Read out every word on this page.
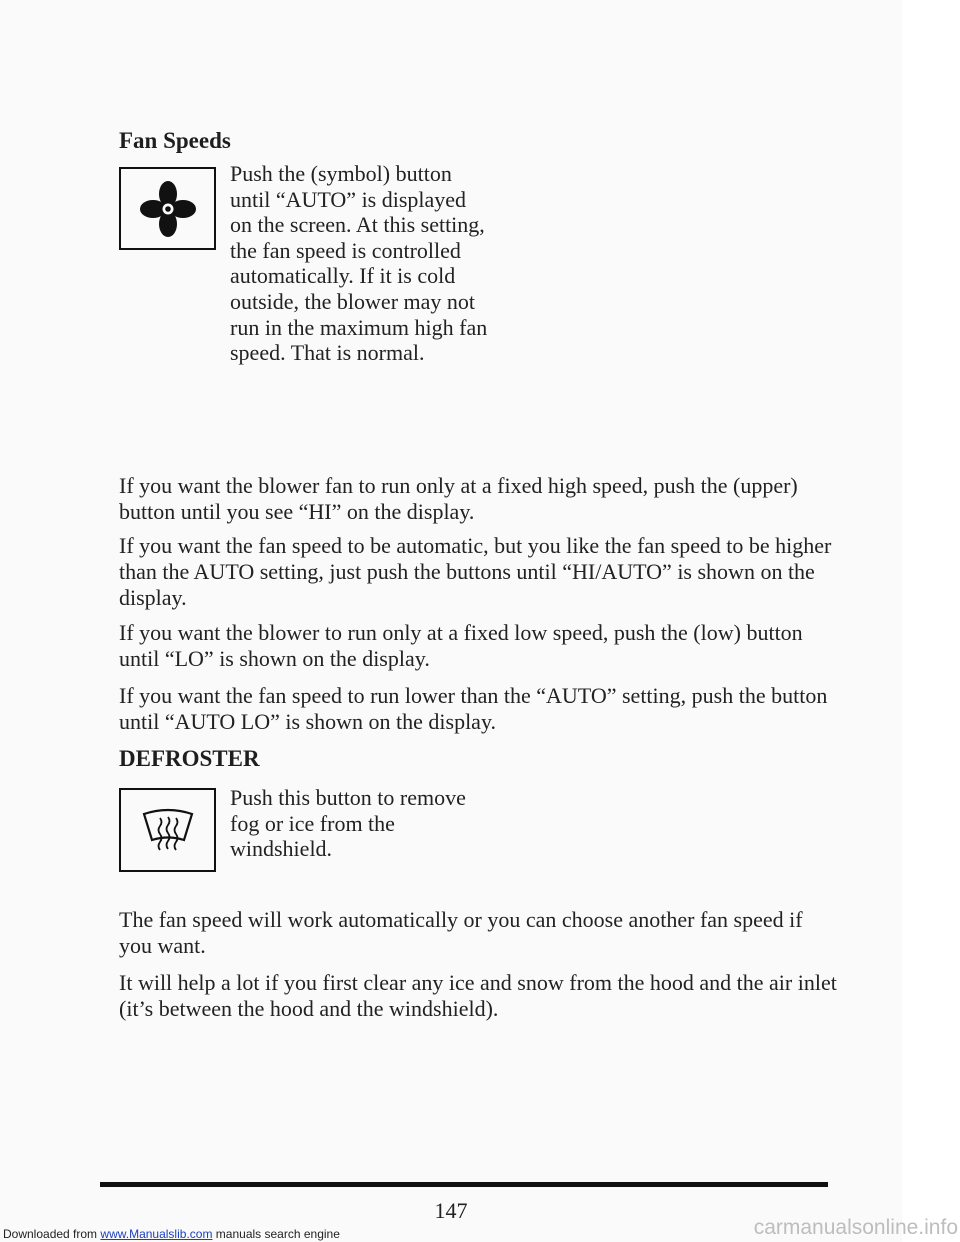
Fan Speeds

Push the (symbol) button until “AUTO” is displayed on the screen. At this setting, the fan speed is controlled automatically. If it is cold outside, the blower may not run in the maximum high fan speed. That is normal.

If you want the blower fan to run only at a fixed high speed, push the (upper) button until you see “HI” on the display.

If you want the fan speed to be automatic, but you like the fan speed to be higher than the AUTO setting, just push the buttons until “HI/AUTO” is shown on the display.

If you want the blower to run only at a fixed low speed, push the (low) button until “LO” is shown on the display.

If you want the fan speed to run lower than the “AUTO” setting, push the button until “AUTO LO” is shown on the display.

DEFROSTER

Push this button to remove fog or ice from the windshield.

The fan speed will work automatically or you can choose another fan speed if you want.

It will help a lot if you first clear any ice and snow from the hood and the air inlet (it’s between the hood and the windshield).

147
Downloaded from www.Manualslib.com manuals search engine	carmanualsonline.info
